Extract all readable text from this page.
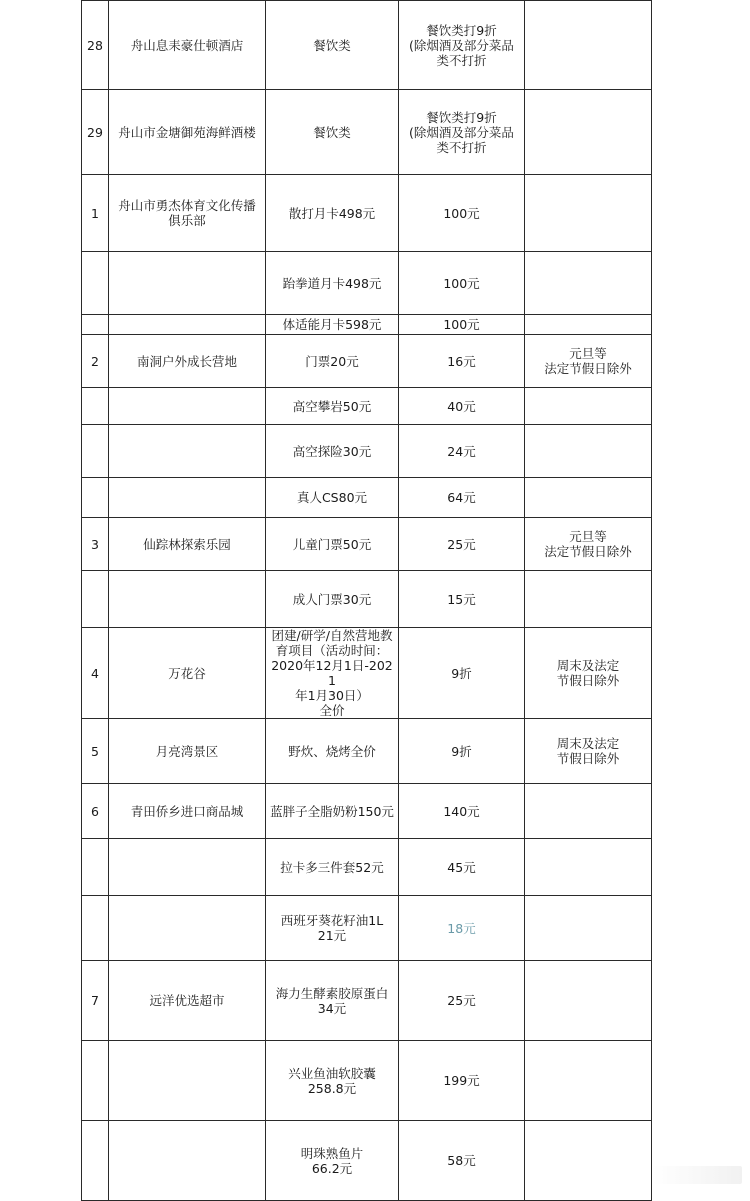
28	舟山息耒豪仕顿酒店	餐饮类	餐饮类打9折
(除烟酒及部分菜品
类不打折	
29	舟山市金塘御苑海鲜酒楼	餐饮类	餐饮类打9折
(除烟酒及部分菜品
类不打折	
1	舟山市勇杰体育文化传播
俱乐部	散打月卡498元	100元	
		跆拳道月卡498元	100元	
		体适能月卡598元	100元	
2	南洞户外成长营地	门票20元	16元	元旦等
法定节假日除外
		高空攀岩50元	40元	
		高空探险30元	24元	
		真人CS80元	64元	
3	仙踪林探索乐园	儿童门票50元	25元	元旦等
法定节假日除外
		成人门票30元	15元	
4	万花谷	团建/研学/自然营地教
育项目（活动时间：
2020年12月1日-2021
年1月30日）
全价	9折	周末及法定
节假日除外
5	月亮湾景区	野炊、烧烤全价	9折	周末及法定
节假日除外
6	青田侨乡进口商品城	蓝胖子全脂奶粉150元	140元	
		拉卡多三件套52元	45元	
		西班牙葵花籽油1L
21元	18元	
7	远洋优选超市	海力生酵素胶原蛋白
34元	25元	
		兴业鱼油软胶囊
258.8元	199元	
		明珠熟鱼片
66.2元	58元	
